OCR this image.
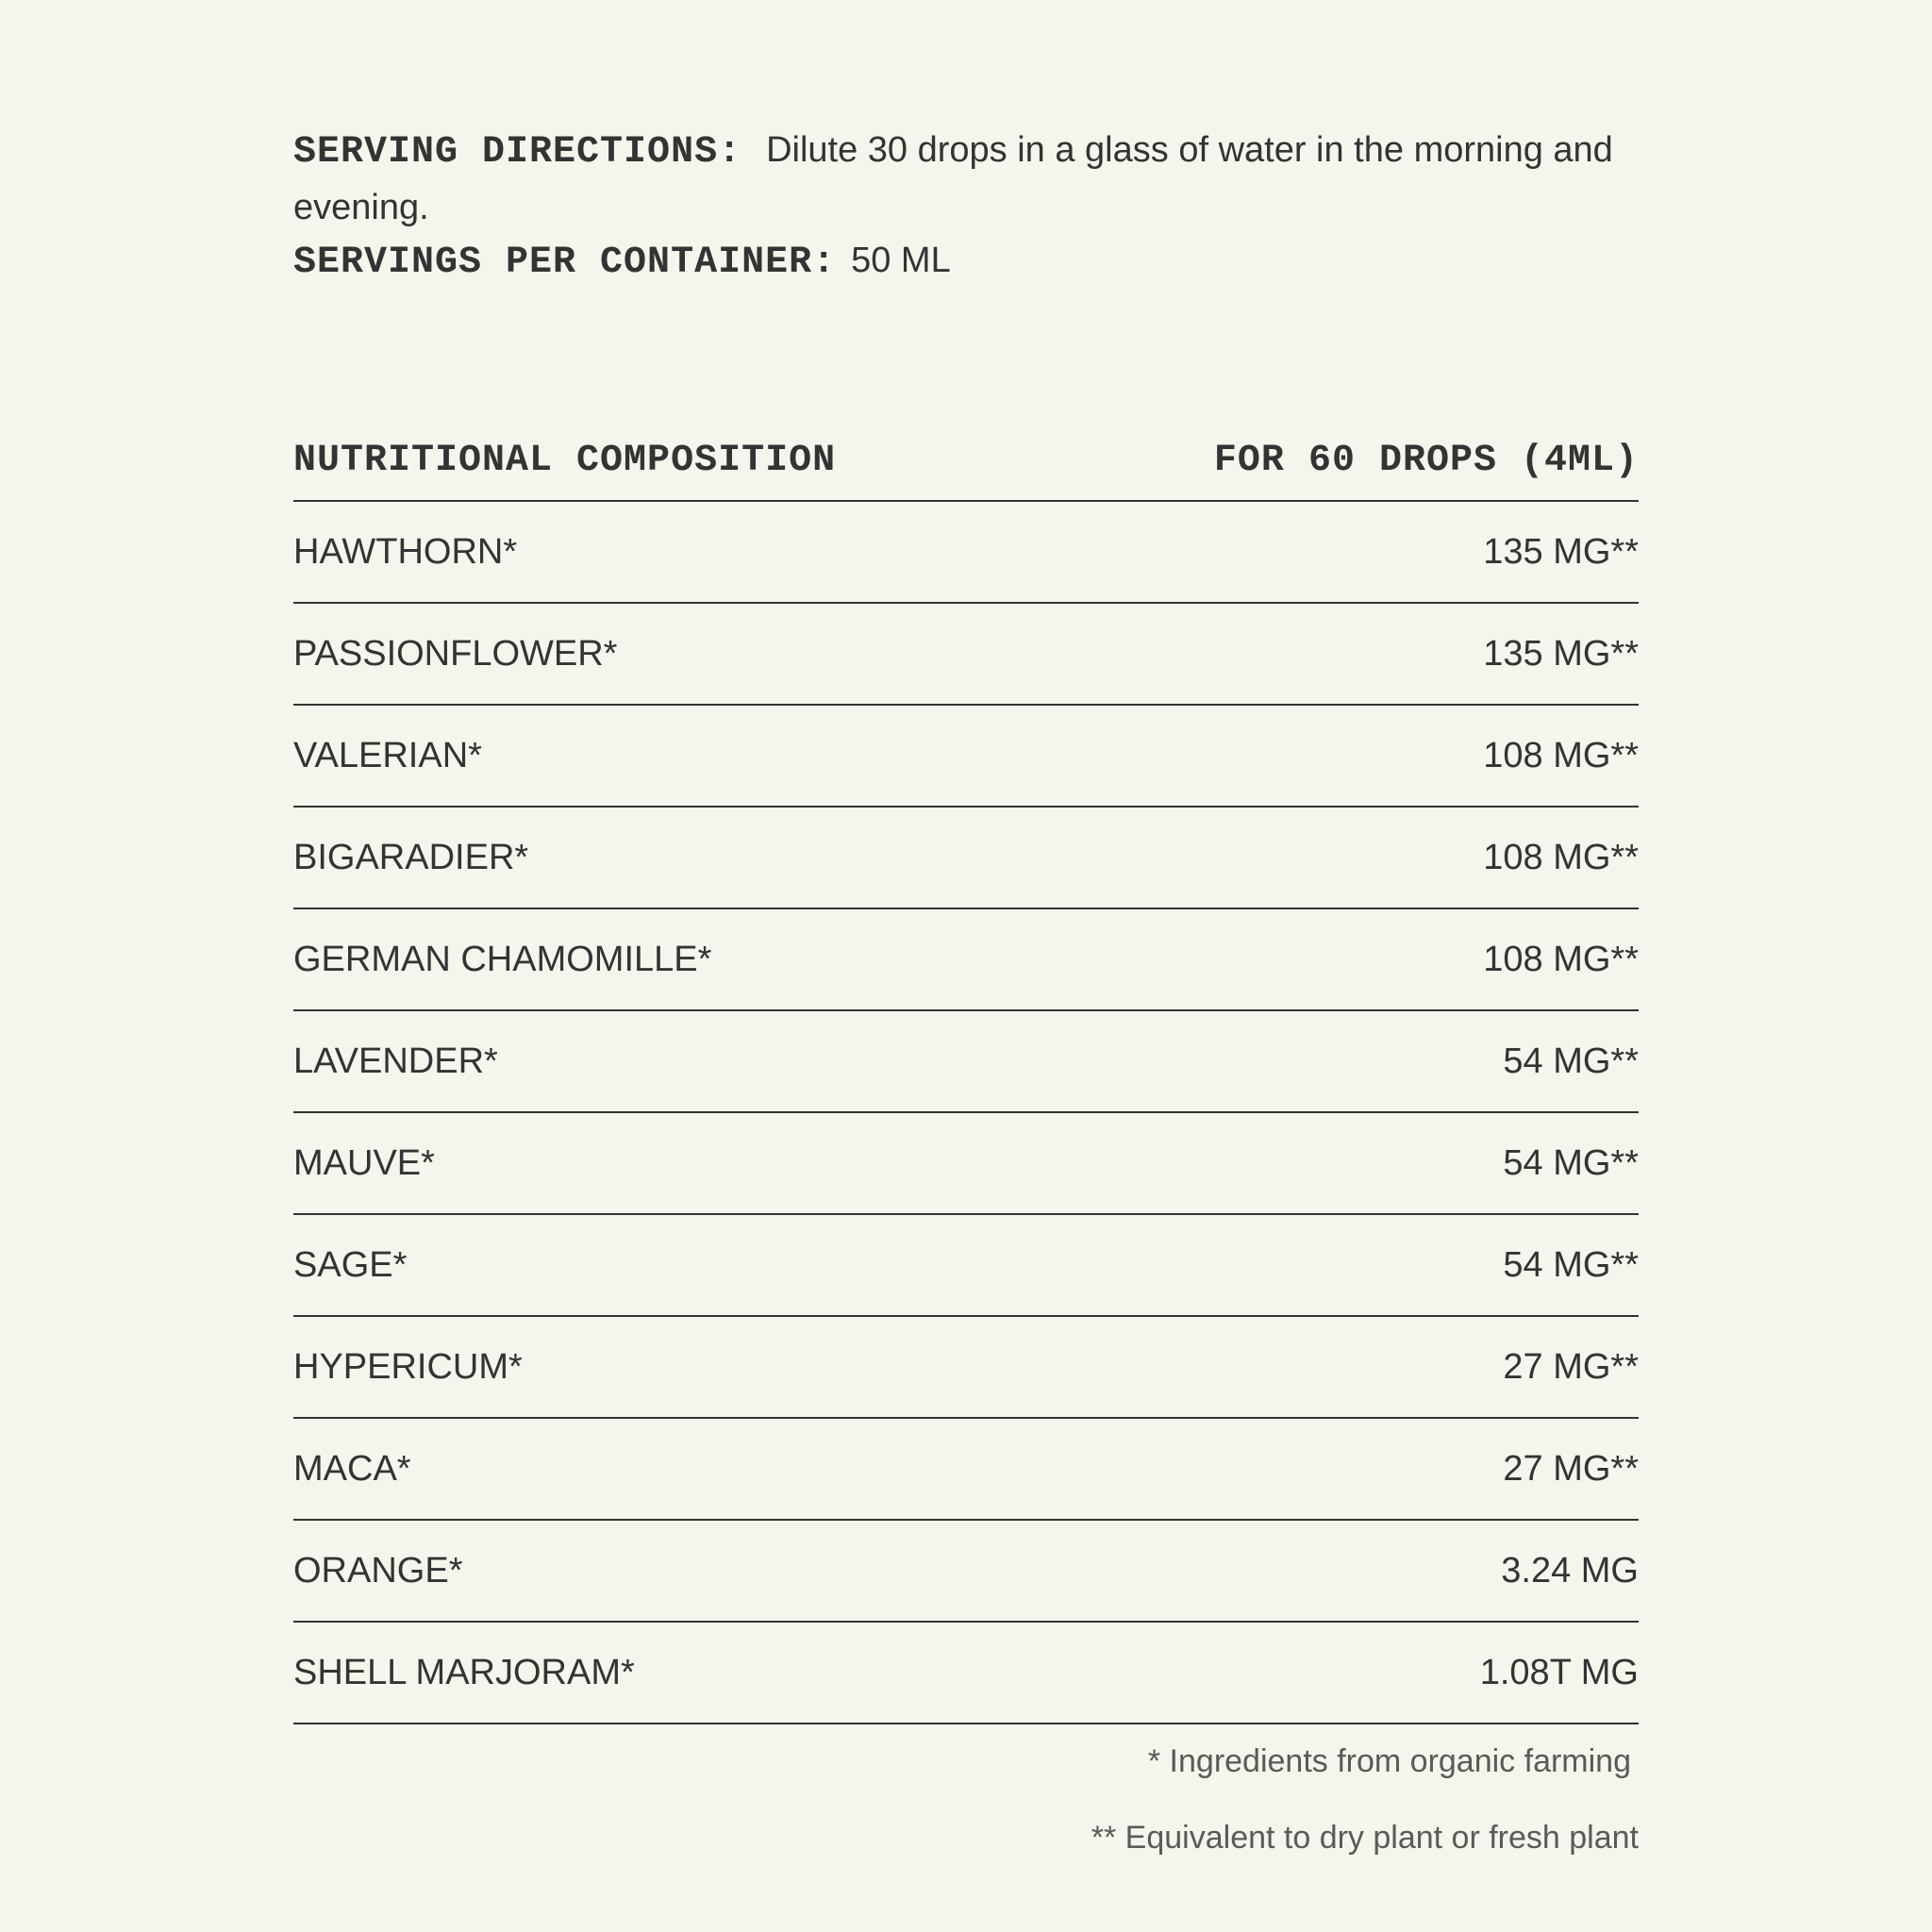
SERVING DIRECTIONS: Dilute 30 drops in a glass of water in the morning and evening.
SERVINGS PER CONTAINER: 50 ML
NUTRITIONAL COMPOSITION	FOR 60 DROPS (4ML)
HAWTHORN*	135 MG**
PASSIONFLOWER*	135 MG**
VALERIAN*	108 MG**
BIGARADIER*	108 MG**
GERMAN CHAMOMILLE*	108 MG**
LAVENDER*	54 MG**
MAUVE*	54 MG**
SAGE*	54 MG**
HYPERICUM*	27 MG**
MACA*	27 MG**
ORANGE*	3.24 MG
SHELL MARJORAM*	1.08T MG
* Ingredients from organic farming
** Equivalent to dry plant or fresh plant
